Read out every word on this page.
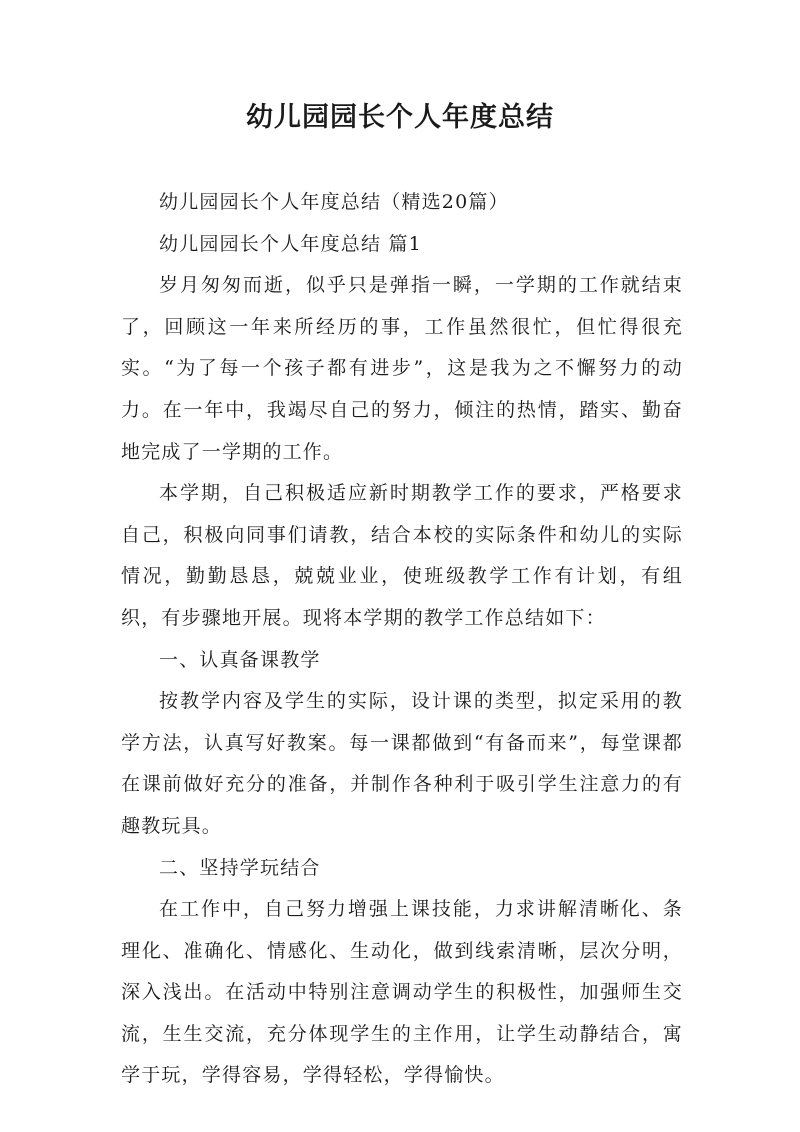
幼儿园园长个人年度总结

幼儿园园长个人年度总结（精选20篇）

幼儿园园长个人年度总结 篇1

岁月匆匆而逝，似乎只是弹指一瞬，一学期的工作就结束了，回顾这一年来所经历的事，工作虽然很忙，但忙得很充实。“为了每一个孩子都有进步”，这是我为之不懈努力的动力。在一年中，我竭尽自己的努力，倾注的热情，踏实、勤奋地完成了一学期的工作。

本学期，自己积极适应新时期教学工作的要求，严格要求自己，积极向同事们请教，结合本校的实际条件和幼儿的实际情况，勤勤恳恳，兢兢业业，使班级教学工作有计划，有组织，有步骤地开展。现将本学期的教学工作总结如下：

一、认真备课教学

按教学内容及学生的实际，设计课的类型，拟定采用的教学方法，认真写好教案。每一课都做到“有备而来”，每堂课都在课前做好充分的准备，并制作各种利于吸引学生注意力的有趣教玩具。

二、坚持学玩结合

在工作中，自己努力增强上课技能，力求讲解清晰化、条理化、准确化、情感化、生动化，做到线索清晰，层次分明，深入浅出。在活动中特别注意调动学生的积极性，加强师生交流，生生交流，充分体现学生的主作用，让学生动静结合，寓学于玩，学得容易，学得轻松，学得愉快。
